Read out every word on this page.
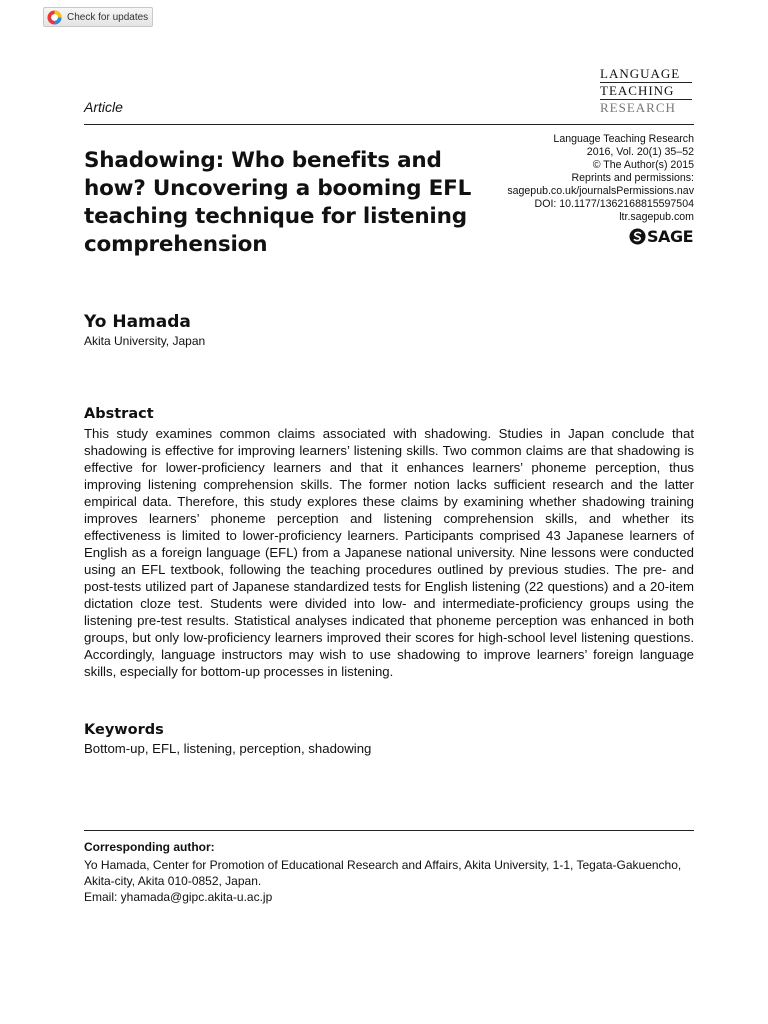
Check for updates
LANGUAGE
TEACHING
RESEARCH
Article
Shadowing: Who benefits and how? Uncovering a booming EFL teaching technique for listening comprehension
Language Teaching Research
2016, Vol. 20(1) 35–52
© The Author(s) 2015
Reprints and permissions:
sagepub.co.uk/journalsPermissions.nav
DOI: 10.1177/1362168815597504
ltr.sagepub.com
SAGE
Yo Hamada
Akita University, Japan
Abstract

This study examines common claims associated with shadowing. Studies in Japan conclude that shadowing is effective for improving learners’ listening skills. Two common claims are that shadowing is effective for lower-proficiency learners and that it enhances learners’ phoneme perception, thus improving listening comprehension skills. The former notion lacks sufficient research and the latter empirical data. Therefore, this study explores these claims by examining whether shadowing training improves learners’ phoneme perception and listening comprehension skills, and whether its effectiveness is limited to lower-proficiency learners. Participants comprised 43 Japanese learners of English as a foreign language (EFL) from a Japanese national university. Nine lessons were conducted using an EFL textbook, following the teaching procedures outlined by previous studies. The pre- and post-tests utilized part of Japanese standardized tests for English listening (22 questions) and a 20-item dictation cloze test. Students were divided into low- and intermediate-proficiency groups using the listening pre-test results. Statistical analyses indicated that phoneme perception was enhanced in both groups, but only low-proficiency learners improved their scores for high-school level listening questions. Accordingly, language instructors may wish to use shadowing to improve learners’ foreign language skills, especially for bottom-up processes in listening.

Keywords
Bottom-up, EFL, listening, perception, shadowing
Corresponding author:
Yo Hamada, Center for Promotion of Educational Research and Affairs, Akita University, 1-1, Tegata-Gakuencho, Akita-city, Akita 010-0852, Japan.
Email: yhamada@gipc.akita-u.ac.jp
